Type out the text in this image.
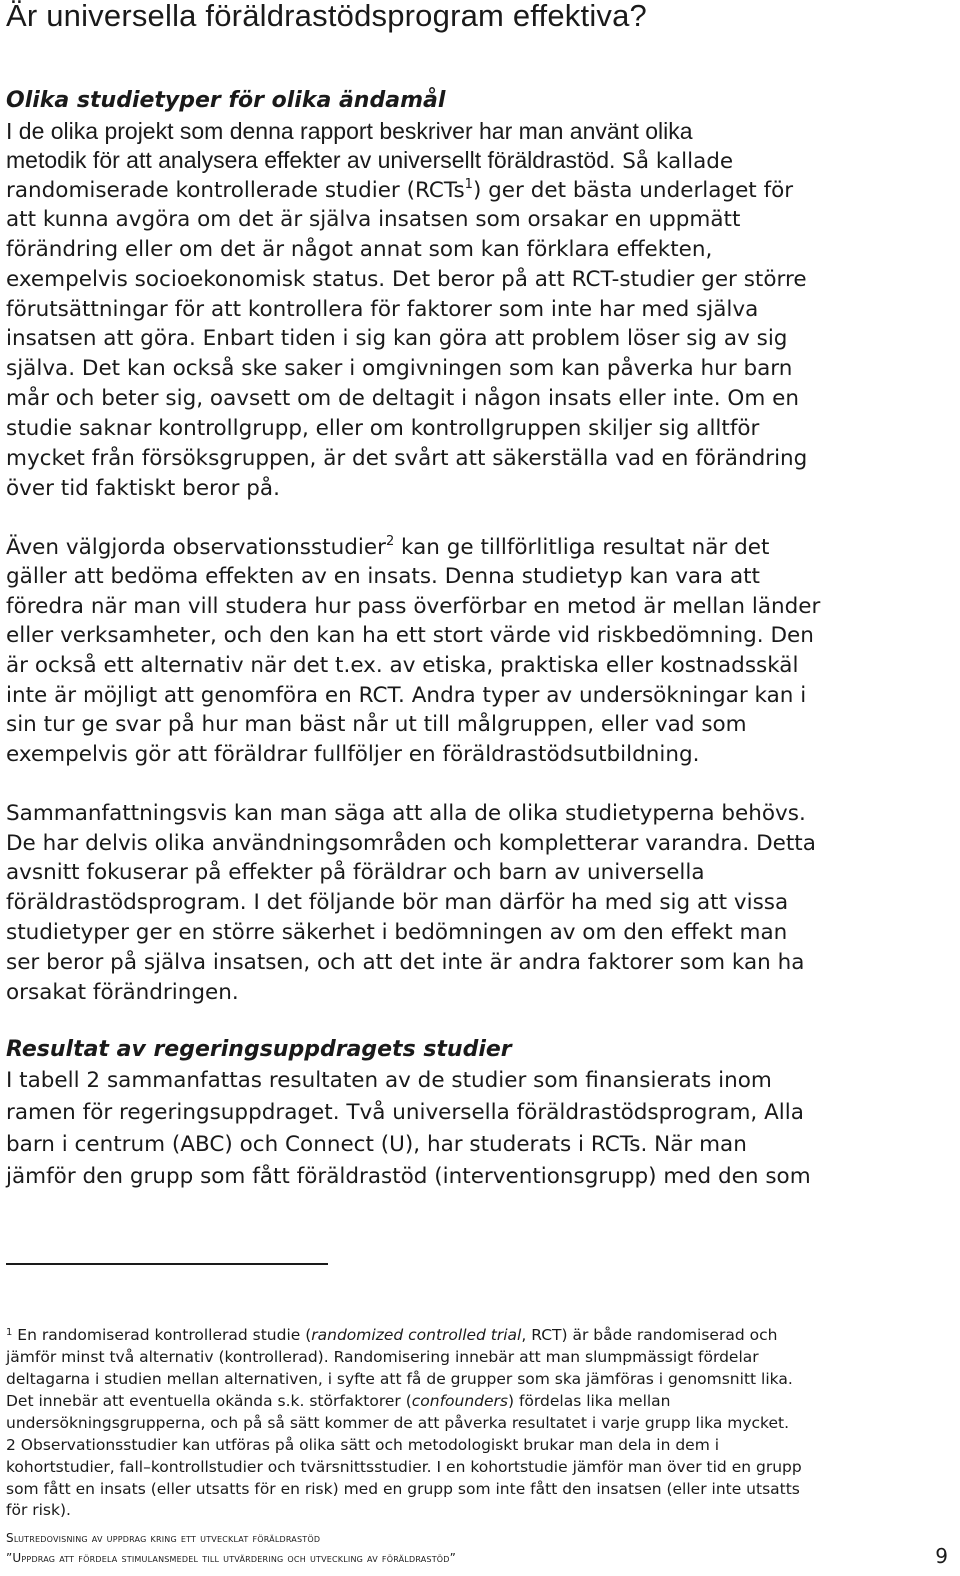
Är universella föräldrastödsprogram effektiva?
Olika studietyper för olika ändamål
I de olika projekt som denna rapport beskriver har man använt olika
metodik för att analysera effekter av universellt föräldrastöd. Så kallade
randomiserade kontrollerade studier (RCTs$^1$) ger det bästa underlaget för
att kunna avgöra om det är själva insatsen som orsakar en uppmätt
förändring eller om det är något annat som kan förklara effekten,
exempelvis socioekonomisk status. Det beror på att RCT-studier ger större
förutsättningar för att kontrollera för faktorer som inte har med själva
insatsen att göra. Enbart tiden i sig kan göra att problem löser sig av sig
själva. Det kan också ske saker i omgivningen som kan påverka hur barn
mår och beter sig, oavsett om de deltagit i någon insats eller inte. Om en
studie saknar kontrollgrupp, eller om kontrollgruppen skiljer sig alltför
mycket från försöksgruppen, är det svårt att säkerställa vad en förändring
över tid faktiskt beror på.
Även välgjorda observationsstudier$^2$ kan ge tillförlitliga resultat när det
gäller att bedöma effekten av en insats. Denna studietyp kan vara att
föredra när man vill studera hur pass överförbar en metod är mellan länder
eller verksamheter, och den kan ha ett stort värde vid riskbedömning. Den
är också ett alternativ när det t.ex. av etiska, praktiska eller kostnadsskäl
inte är möjligt att genomföra en RCT. Andra typer av undersökningar kan i
sin tur ge svar på hur man bäst når ut till målgruppen, eller vad som
exempelvis gör att föräldrar fullföljer en föräldrastödsutbildning.
Sammanfattningsvis kan man säga att alla de olika studietyperna behövs.
De har delvis olika användningsområden och kompletterar varandra. Detta
avsnitt fokuserar på effekter på föräldrar och barn av universella
föräldrastödsprogram. I det följande bör man därför ha med sig att vissa
studietyper ger en större säkerhet i bedömningen av om den effekt man
ser beror på själva insatsen, och att det inte är andra faktorer som kan ha
orsakat förändringen.
Resultat av regeringsuppdragets studier
I tabell 2 sammanfattas resultaten av de studier som finansierats inom
ramen för regeringsuppdraget. Två universella föräldrastödsprogram, Alla
barn i centrum (ABC) och Connect (U), har studerats i RCTs. När man
jämför den grupp som fått föräldrastöd (interventionsgrupp) med den som
$^1$ En randomiserad kontrollerad studie (randomized controlled trial, RCT) är både randomiserad och
jämför minst två alternativ (kontrollerad). Randomisering innebär att man slumpmässigt fördelar
deltagarna i studien mellan alternativen, i syfte att få de grupper som ska jämföras i genomsnitt lika.
Det innebär att eventuella okända s.k. störfaktorer (confounders) fördelas lika mellan
undersökningsgrupperna, och på så sätt kommer de att påverka resultatet i varje grupp lika mycket.
2 Observationsstudier kan utföras på olika sätt och metodologiskt brukar man dela in dem i
kohortstudier, fall–kontrollstudier och tvärsnittsstudier. I en kohortstudie jämför man över tid en grupp
som fått en insats (eller utsatts för en risk) med en grupp som inte fått den insatsen (eller inte utsatts
för risk).
Slutredovisning av uppdrag kring ett utvecklat föräldrastöd
”Uppdrag att fördela stimulansmedel till utvärdering och utveckling av föräldrastöd”	9
